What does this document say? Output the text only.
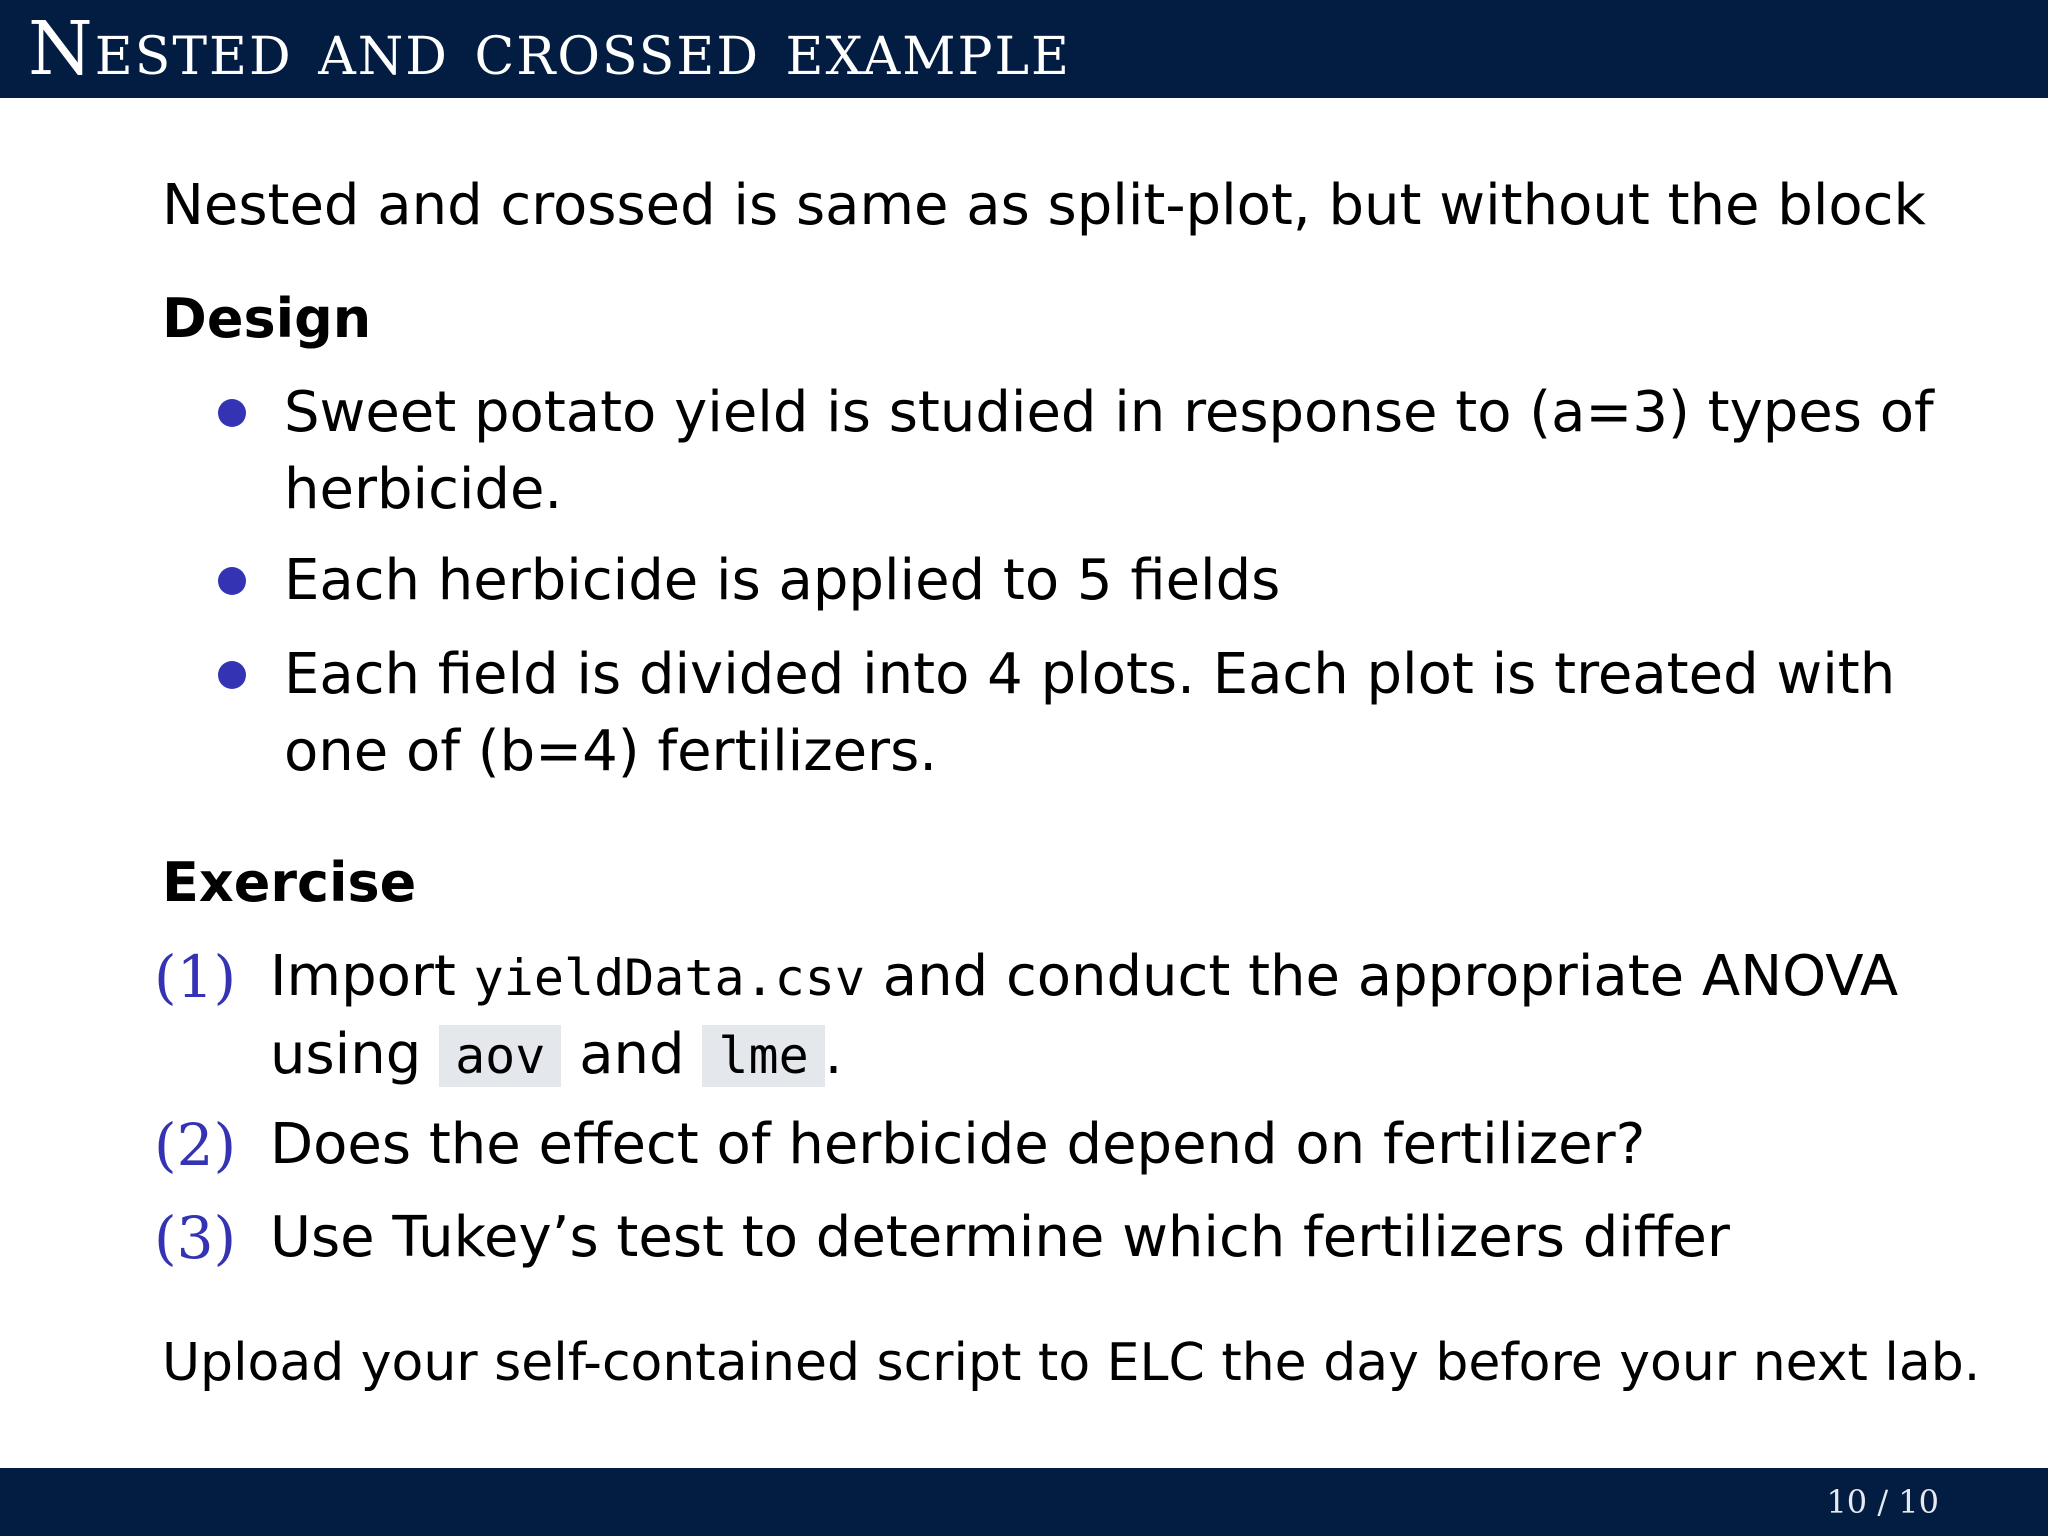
Nested and crossed example
Nested and crossed is same as split-plot, but without the block
Design
Sweet potato yield is studied in response to (a=3) types of
herbicide.
Each herbicide is applied to 5 fields
Each field is divided into 4 plots. Each plot is treated with
one of (b=4) fertilizers.
Exercise
(1) Import yieldData.csv and conduct the appropriate ANOVA
using aov and lme .
(2) Does the effect of herbicide depend on fertilizer?
(3) Use Tukey’s test to determine which fertilizers differ
Upload your self-contained script to ELC the day before your next lab.
10 / 10
